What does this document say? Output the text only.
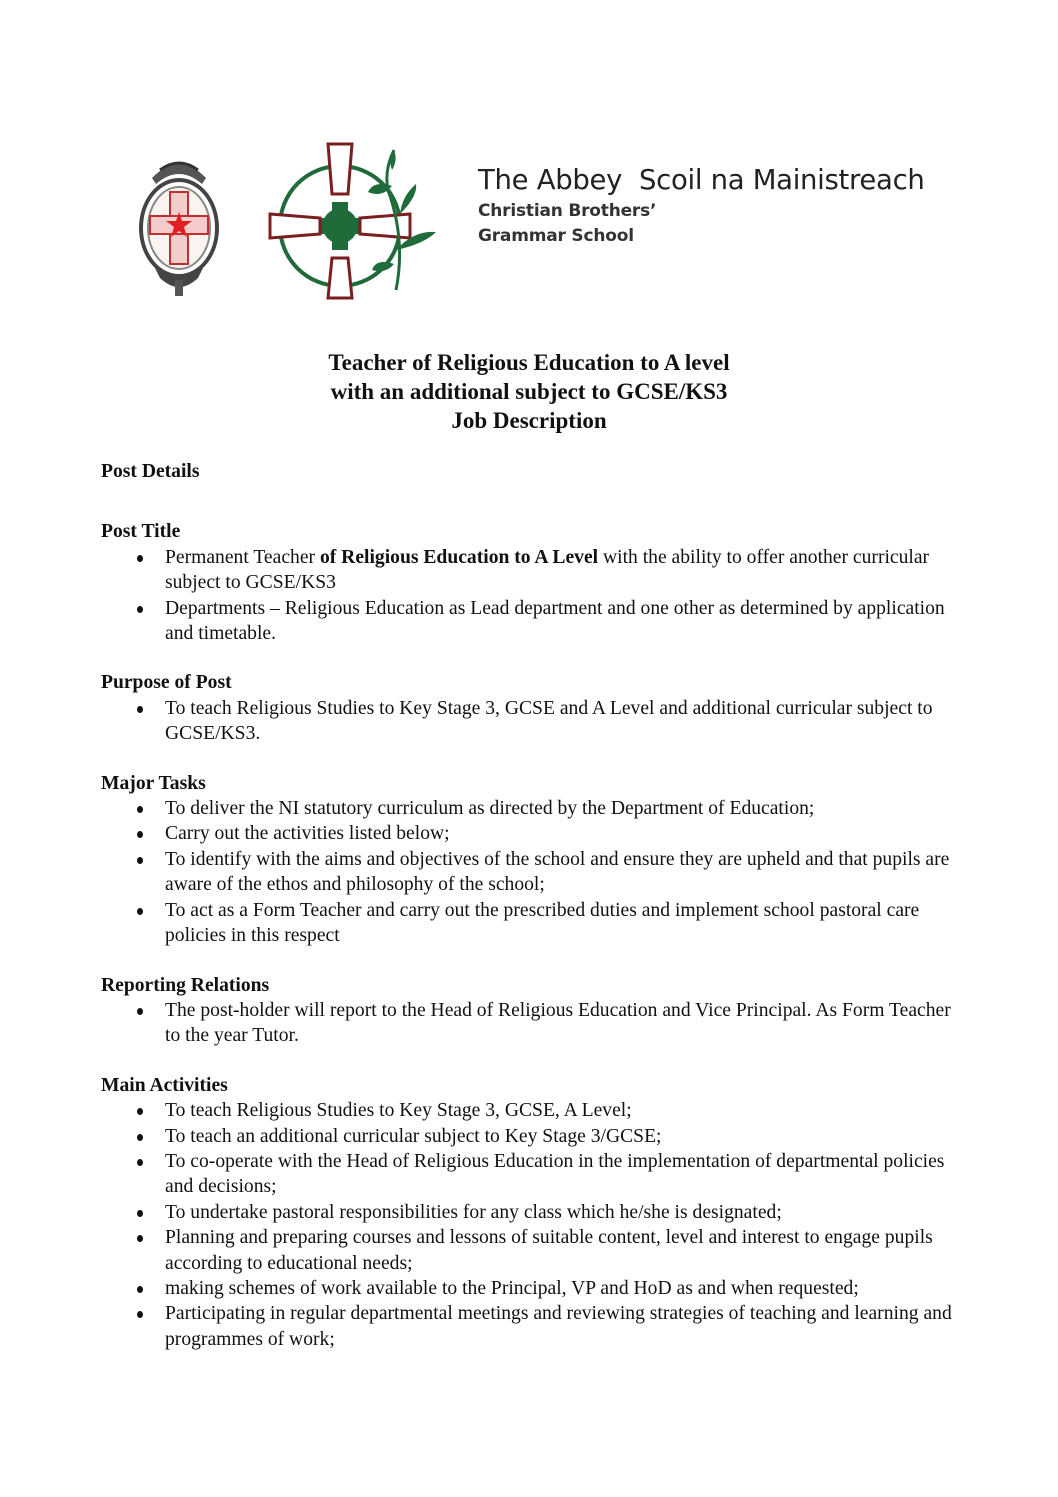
The Abbey  Scoil na Mainistreach
Christian Brothers’
Grammar School
Teacher of Religious Education to A level
with an additional subject to GCSE/KS3
Job Description

Post Details

Post Title

Permanent Teacher of Religious Education to A Level with the ability to offer another curricular subject to GCSE/KS3
Departments – Religious Education as Lead department and one other as determined by application and timetable.

Purpose of Post

To teach Religious Studies to Key Stage 3, GCSE and A Level and additional curricular subject to GCSE/KS3.

Major Tasks

To deliver the NI statutory curriculum as directed by the Department of Education;
Carry out the activities listed below;
To identify with the aims and objectives of the school and ensure they are upheld and that pupils are aware of the ethos and philosophy of the school;
To act as a Form Teacher and carry out the prescribed duties and implement school pastoral care policies in this respect

Reporting Relations

The post-holder will report to the Head of Religious Education and Vice Principal. As Form Teacher to the year Tutor.

Main Activities

To teach Religious Studies to Key Stage 3, GCSE, A Level;
To teach an additional curricular subject to Key Stage 3/GCSE;
To co-operate with the Head of Religious Education in the implementation of departmental policies and decisions;
To undertake pastoral responsibilities for any class which he/she is designated;
Planning and preparing courses and lessons of suitable content, level and interest to engage pupils according to educational needs;
making schemes of work available to the Principal, VP and HoD as and when requested;
Participating in regular departmental meetings and reviewing strategies of teaching and learning and programmes of work;
